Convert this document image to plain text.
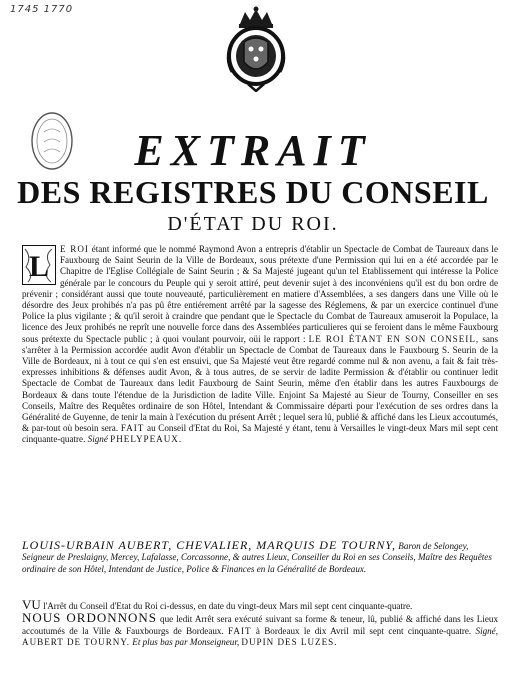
1745 1770
EXTRAIT
DES REGISTRES DU CONSEIL
D'ÉTAT DU ROI.
L
E ROI étant informé que le nommé Raymond Avon a entrepris d'établir un Spectacle de Combat de Taureaux dans le Fauxbourg de Saint Seurin de la Ville de Bordeaux, sous prétexte d'une Permission qui lui en a été accordée par le Chapitre de l'Eglise Collégiale de Saint Seurin ; & Sa Majesté jugeant qu'un tel Etablissement qui intéresse la Police générale par le concours du Peuple qui y seroit attiré, peut devenir sujet à des inconvéniens qu'il est du bon ordre de prévenir ; considérant aussi que toute nouveauté, particulièrement en matiere d'Assemblées, a ses dangers dans une Ville où le désordre des Jeux prohibés n'a pas pû être entiérement arrêté par la sagesse des Réglemens, & par un exercice continuel d'une Police la plus vigilante ; & qu'il seroit à craindre que pendant que le Spectacle du Combat de Taureaux amuseroit la Populace, la licence des Jeux prohibés ne reprît une nouvelle force dans des Assemblées particulieres qui se feroient dans le même Fauxbourg sous prétexte du Spectacle public ; à quoi voulant pourvoir, oüi le rapport : LE ROI ÉTANT EN SON CONSEIL, sans s'arrêter à la Permission accordée audit Avon d'établir un Spectacle de Combat de Taureaux dans le Fauxbourg S. Seurin de la Ville de Bordeaux, ni à tout ce qui s'en est ensuivi, que Sa Majesté veut être regardé comme nul & non avenu, a fait & fait très-expresses inhibitions & défenses audit Avon, & à tous autres, de se servir de ladite Permission & d'établir ou continuer ledit Spectacle de Combat de Taureaux dans ledit Fauxbourg de Saint Seurin, même d'en établir dans les autres Fauxbourgs de Bordeaux & dans toute l'étendue de la Jurisdiction de ladite Ville. Enjoint Sa Majesté au Sieur de Tourny, Conseiller en ses Conseils, Maître des Requêtes ordinaire de son Hôtel, Intendant & Commissaire départi pour l'exécution de ses ordres dans la Généralité de Guyenne, de tenir la main à l'exécution du présent Arrêt ; lequel sera lû, publié & affiché dans les Lieux accoutumés, & par-tout où besoin sera. FAIT au Conseil d'Etat du Roi, Sa Majesté y étant, tenu à Versailles le vingt-deux Mars mil sept cent cinquante-quatre. Signé PHELYPEAUX.
LOUIS-URBAIN AUBERT, CHEVALIER, MARQUIS DE TOURNY, Baron de Selongey, Seigneur de Preslaigny, Mercey, Lafalasse, Corcassonne, & autres Lieux, Conseiller du Roi en ses Conseils, Maître des Requêtes ordinaire de son Hôtel, Intendant de Justice, Police & Finances en la Généralité de Bordeaux.

VU l'Arrêt du Conseil d'Etat du Roi ci-dessus, en date du vingt-deux Mars mil sept cent cinquante-quatre.

NOUS ORDONNONS que ledit Arrêt sera exécuté suivant sa forme & teneur, lû, publié & affiché dans les Lieux accoutumés de la Ville & Fauxbourgs de Bordeaux. FAIT à Bordeaux le dix Avril mil sept cent cinquante-quatre. Signé, AUBERT DE TOURNY. Et plus bas par Monseigneur, DUPIN DES LUZES.
